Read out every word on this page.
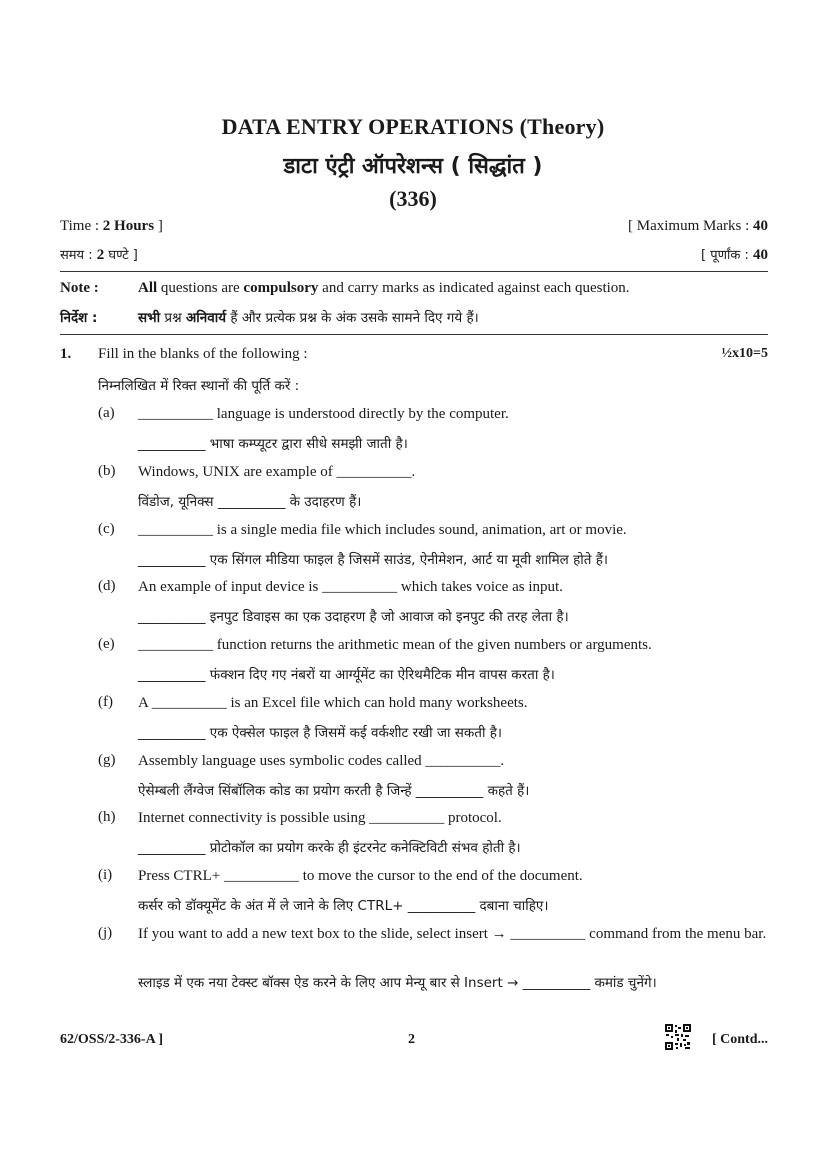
DATA ENTRY OPERATIONS (Theory)
डाटा एंट्री ऑपरेशन्स ( सिद्धांत )
(336)
Time : 2 Hours ]	[ Maximum Marks : 40
समय : 2 घण्टे ]	[ पूर्णांक : 40
Note :	All questions are compulsory and carry marks as indicated against each question.
निर्देश :	सभी प्रश्न अनिवार्य हैं और प्रत्येक प्रश्न के अंक उसके सामने दिए गये हैं।
1. Fill in the blanks of the following :	½x10=5
निम्नलिखित में रिक्त स्थानों की पूर्ति करें :
(a) __________ language is understood directly by the computer.
__________ भाषा कम्प्यूटर द्वारा सीधे समझी जाती है।
(b) Windows, UNIX are example of __________.
विंडोज, यूनिक्स __________ के उदाहरण हैं।
(c) __________ is a single media file which includes sound, animation, art or movie.
__________ एक सिंगल मीडिया फाइल है जिसमें साउंड, ऐनीमेशन, आर्ट या मूवी शामिल होते हैं।
(d) An example of input device is __________ which takes voice as input.
__________ इनपुट डिवाइस का एक उदाहरण है जो आवाज को इनपुट की तरह लेता है।
(e) __________ function returns the arithmetic mean of the given numbers or arguments.
__________ फंक्शन दिए गए नंबरों या आर्ग्यूमेंट का ऐरिथमैटिक मीन वापस करता है।
(f) A __________ is an Excel file which can hold many worksheets.
__________ एक ऐक्सेल फाइल है जिसमें कई वर्कशीट रखी जा सकती है।
(g) Assembly language uses symbolic codes called __________.
ऐसेम्बली लैंग्वेज सिंबॉलिक कोड का प्रयोग करती है जिन्हें __________ कहते हैं।
(h) Internet connectivity is possible using __________ protocol.
__________ प्रोटोकॉल का प्रयोग करके ही इंटरनेट कनेक्टिविटी संभव होती है।
(i) Press CTRL+ __________ to move the cursor to the end of the document.
कर्सर को डॉक्यूमेंट के अंत में ले जाने के लिए CTRL+ __________ दबाना चाहिए।
(j) If you want to add a new text box to the slide, select insert → __________ command from the menu bar.
स्लाइड में एक नया टेक्स्ट बॉक्स ऐड करने के लिए आप मेन्यू बार से Insert → __________ कमांड चुनेंगे।
62/OSS/2-336-A ]	2	[ Contd...
